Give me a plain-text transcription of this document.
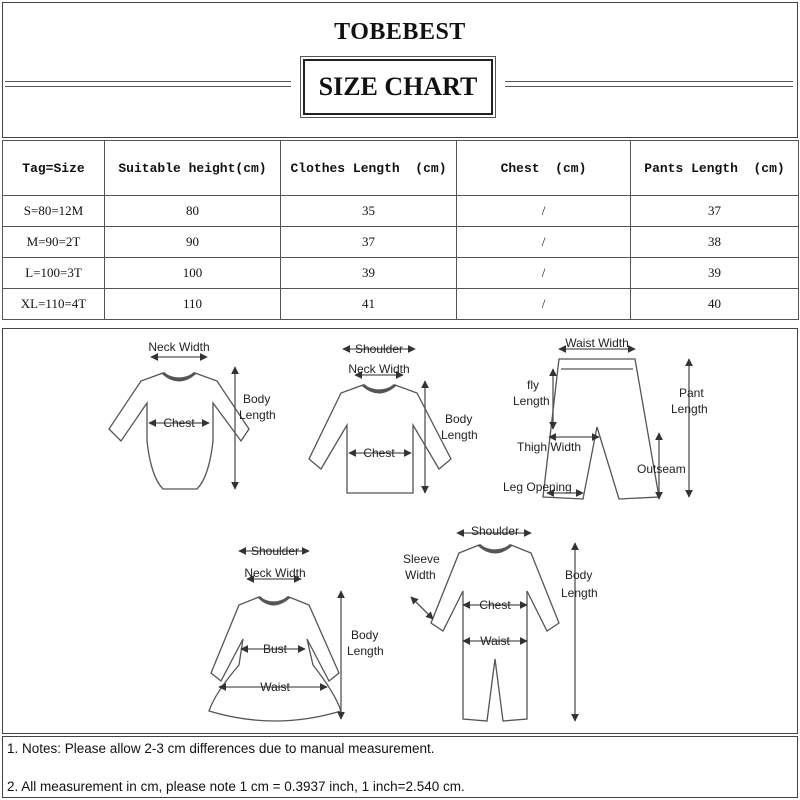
TOBEBEST
SIZE CHART
Tag=Size	Suitable height(cm)	Clothes Length  (cm)	Chest  (cm)	Pants Length  (cm)
S=80=12M	80	35	/	37
M=90=2T	90	37	/	38
L=100=3T	100	39	/	39
XL=110=4T	110	41	/	40
Neck Width
Body
Length
Chest
Shoulder
Neck Width
Body
Length
Chest
Waist Width
fly
Length
Pant
Length
Thigh Width
Outseam
Leg Opening
Shoulder
Neck Width
Body
Length
Bust
Waist
Shoulder
Sleeve
Width	Body
Length
Chest
Waist
1. Notes: Please allow 2-3 cm differences due to manual measurement.
2. All measurement in cm, please note 1 cm = 0.3937 inch, 1 inch=2.540 cm.
